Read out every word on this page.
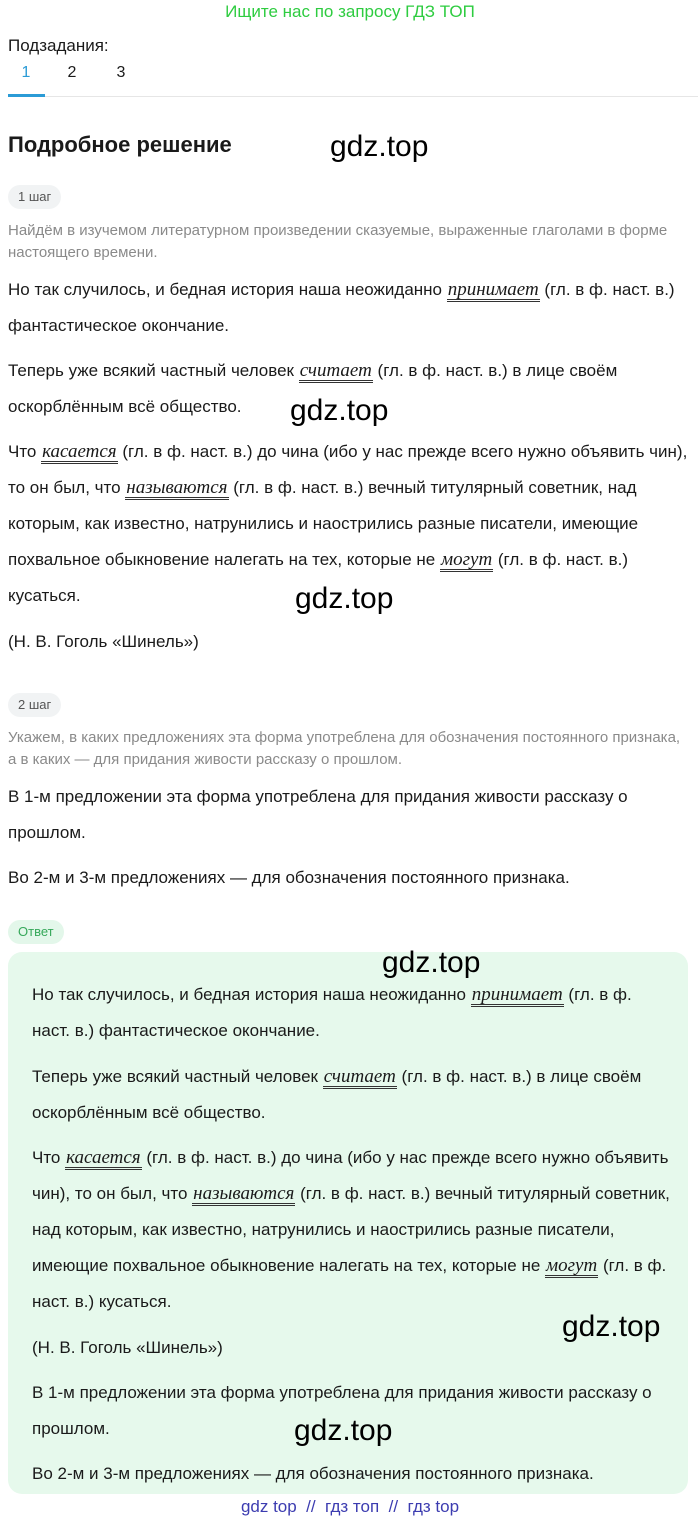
Ищите нас по запросу ГДЗ ТОП
Подзадания:
1	2	3
Подробное решение	gdz.top
1 шаг
Найдём в изучемом литературном произведении сказуемые, выраженные глаголами в форме настоящего времени.
Но так случилось, и бедная история наша неожиданно принимает (гл. в ф. наст. в.) фантастическое окончание.
Теперь уже всякий частный человек считает (гл. в ф. наст. в.) в лице своём оскорблённым всё общество.	gdz.top
Что касается (гл. в ф. наст. в.) до чина (ибо у нас прежде всего нужно объявить чин), то он был, что называются (гл. в ф. наст. в.) вечный титулярный советник, над которым, как известно, натрунились и наострились разные писатели, имеющие похвальное обыкновение налегать на тех, которые не могут (гл. в ф. наст. в.) кусаться.	gdz.top
(Н. В. Гоголь «Шинель»)
2 шаг
Укажем, в каких предложениях эта форма употреблена для обозначения постоянного признака, а в каких — для придания живости рассказу о прошлом.
В 1-м предложении эта форма употреблена для придания живости рассказу о прошлом.
Во 2-м и 3-м предложениях — для обозначения постоянного признака.
Ответ
gdz.top
Но так случилось, и бедная история наша неожиданно принимает (гл. в ф. наст. в.) фантастическое окончание.
Теперь уже всякий частный человек считает (гл. в ф. наст. в.) в лице своём оскорблённым всё общество.
Что касается (гл. в ф. наст. в.) до чина (ибо у нас прежде всего нужно объявить чин), то он был, что называются (гл. в ф. наст. в.) вечный титулярный советник, над которым, как известно, натрунились и наострились разные писатели, имеющие похвальное обыкновение налегать на тех, которые не могут (гл. в ф. наст. в.) кусаться.
gdz.top
(Н. В. Гоголь «Шинель»)
В 1-м предложении эта форма употреблена для придания живости рассказу о прошлом.	gdz.top
Во 2-м и 3-м предложениях — для обозначения постоянного признака.
gdz top  //  гдз топ  //  гдз top
